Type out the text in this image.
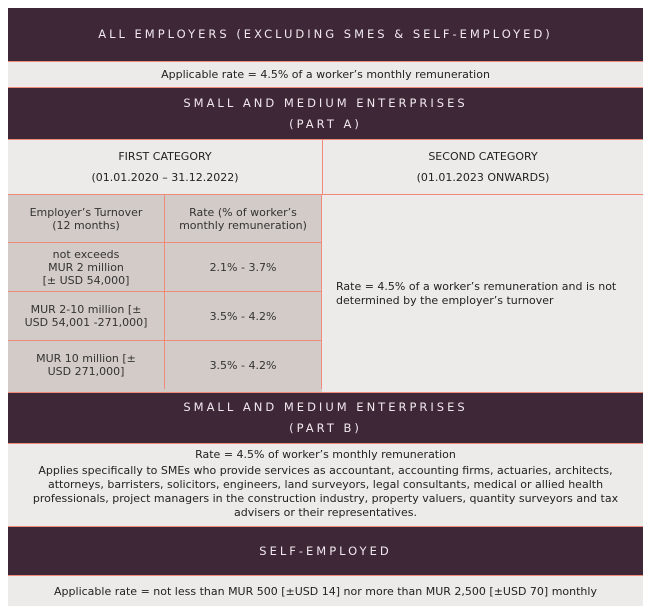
ALL EMPLOYERS (EXCLUDING SMES & SELF-EMPLOYED)
Applicable rate = 4.5% of a worker’s monthly remuneration
SMALL AND MEDIUM ENTERPRISES
(PART A)
FIRST CATEGORY
(01.01.2020 – 31.12.2022)
SECOND CATEGORY
(01.01.2023 ONWARDS)
Employer’s Turnover (12 months)
Rate (% of worker’s monthly remuneration)
not exceeds MUR 2 million [± USD 54,000]
2.1% - 3.7%
MUR 2-10 million [± USD 54,001 -271,000]	3.5% - 4.2%
MUR 10 million [± USD 271,000]	3.5% - 4.2%
Rate = 4.5% of a worker’s remuneration and is not determined by the employer’s turnover
SMALL AND MEDIUM ENTERPRISES
(PART B)
Rate = 4.5% of worker’s monthly remuneration
Applies specifically to SMEs who provide services as accountant, accounting firms, actuaries, architects, attorneys, barristers, solicitors, engineers, land surveyors, legal consultants, medical or allied health professionals, project managers in the construction industry, property valuers, quantity surveyors and tax advisers or their representatives.
SELF-EMPLOYED
Applicable rate = not less than MUR 500 [±USD 14] nor more than MUR 2,500 [±USD 70] monthly
